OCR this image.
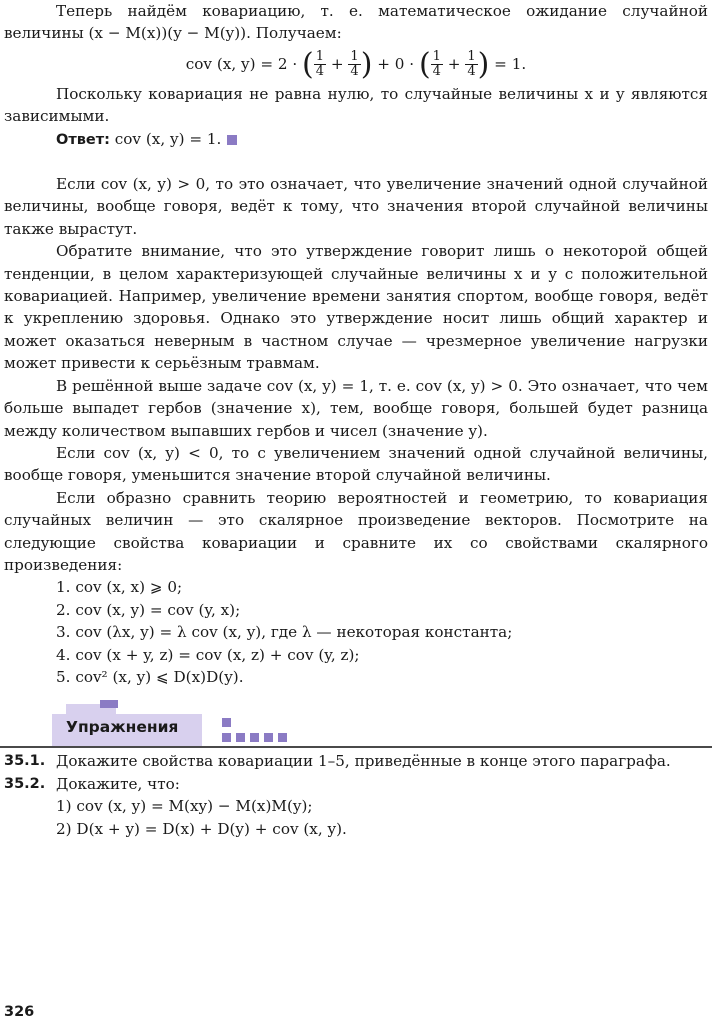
Теперь найдём ковариацию, т. е. математическое ожидание случайной величины (x − M(x))(y − M(y)). Получаем:

cov (x, y) = 2 · ( $\frac{1}{4} + \frac{1}{4}$ ) + 0 · ( $\frac{1}{4} + \frac{1}{4}$ ) = 1.

Поскольку ковариация не равна нулю, то случайные величины x и y являются зависимыми.

Ответ: cov (x, y) = 1.

Если cov (x, y) > 0, то это означает, что увеличение значений одной случайной величины, вообще говоря, ведёт к тому, что значения второй случайной величины также вырастут.

Обратите внимание, что это утверждение говорит лишь о некоторой общей тенденции, в целом характеризующей случайные величины x и y с положительной ковариацией. Например, увеличение времени занятия спортом, вообще говоря, ведёт к укреплению здоровья. Однако это утверждение носит лишь общий характер и может оказаться неверным в частном случае — чрезмерное увеличение нагрузки может привести к серьёзным травмам.

В решённой выше задаче cov (x, y) = 1, т. е. cov (x, y) > 0. Это означает, что чем больше выпадет гербов (значение x), тем, вообще говоря, большей будет разница между количеством выпавших гербов и чисел (значение y).

Если cov (x, y) < 0, то с увеличением значений одной случайной величины, вообще говоря, уменьшится значение второй случайной величины.

Если образно сравнить теорию вероятностей и геометрию, то ковариация случайных величин — это скалярное произведение векторов. Посмотрите на следующие свойства ковариации и сравните их со свойствами скалярного произведения:

1. cov (x, x) ⩾ 0;
2. cov (x, y) = cov (y, x);
3. cov (λx, y) = λ cov (x, y), где λ — некоторая константа;
4. cov (x + y, z) = cov (x, z) + cov (y, z);
5. cov² (x, y) ⩽ D(x)D(y).
Упражнения
35.1. Докажите свойства ковариации 1–5, приведённые в конце этого параграфа.
35.2. Докажите, что:
1) cov (x, y) = M(xy) − M(x)M(y);
2) D(x + y) = D(x) + D(y) + cov (x, y).
326
